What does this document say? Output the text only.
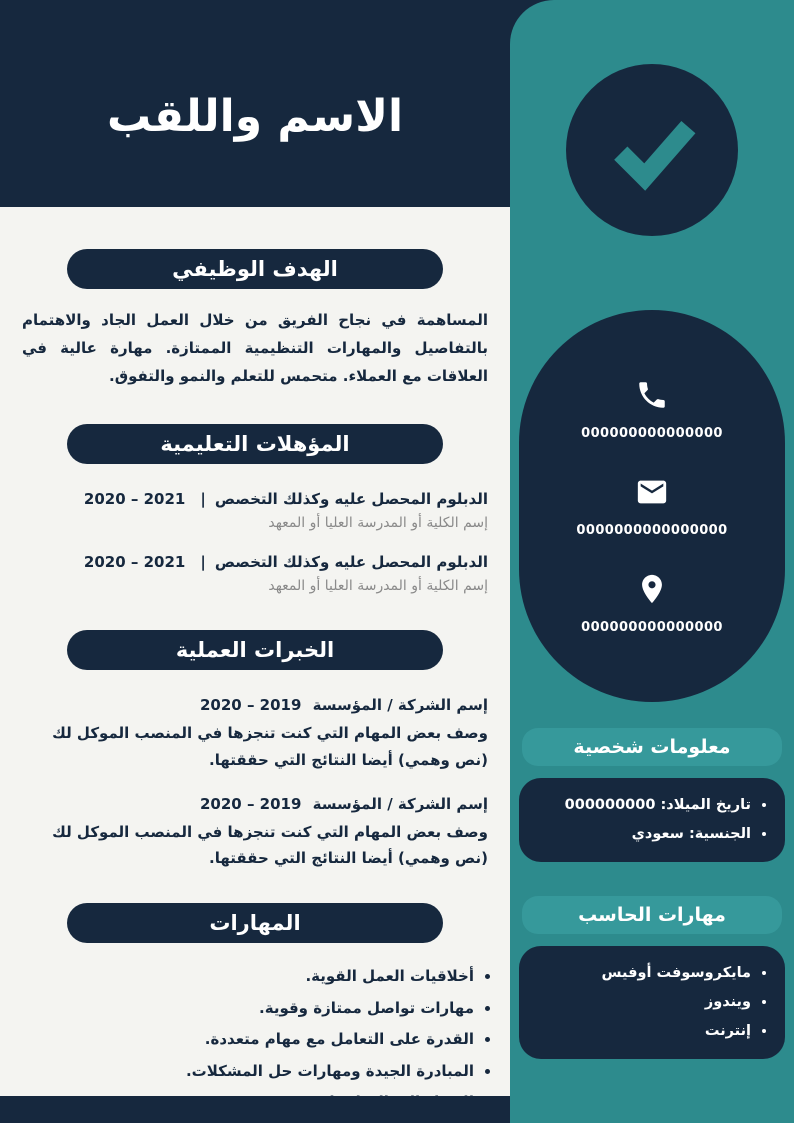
الاسم واللقب
الهدف الوظيفي

المساهمة في نجاح الفريق من خلال العمل الجاد والاهتمام بالتفاصيل والمهارات التنظيمية الممتازة. مهارة عالية في العلاقات مع العملاء. متحمس للتعلم والنمو والتفوق.

المؤهلات التعليمية
الدبلوم المحصل عليه وكذلك التخصص|2020 – 2021
إسم الكلية أو المدرسة العليا أو المعهد
الدبلوم المحصل عليه وكذلك التخصص|2020 – 2021
إسم الكلية أو المدرسة العليا أو المعهد
الخبرات العملية
إسم الشركة / المؤسسة 2020 – 2019
وصف بعض المهام التي كنت تنجزها في المنصب الموكل لك (نص وهمي) أيضا النتائج التي حققتها.
إسم الشركة / المؤسسة 2020 – 2019
وصف بعض المهام التي كنت تنجزها في المنصب الموكل لك (نص وهمي) أيضا النتائج التي حققتها.
المهارات
• أخلاقيات العمل القوية.
• مهارات تواصل ممتازة وقوية.
• القدرة على التعامل مع مهام متعددة.
• المبادرة الجيدة ومهارات حل المشكلات.
•
000000000000000
0000000000000000
000000000000000
معلومات شخصية
• تاريخ الميلاد: 000000000
• الجنسية: سعودي
مهارات الحاسب
• مايكروسوفت أوفيس
• ويندوز
• إنترنت
